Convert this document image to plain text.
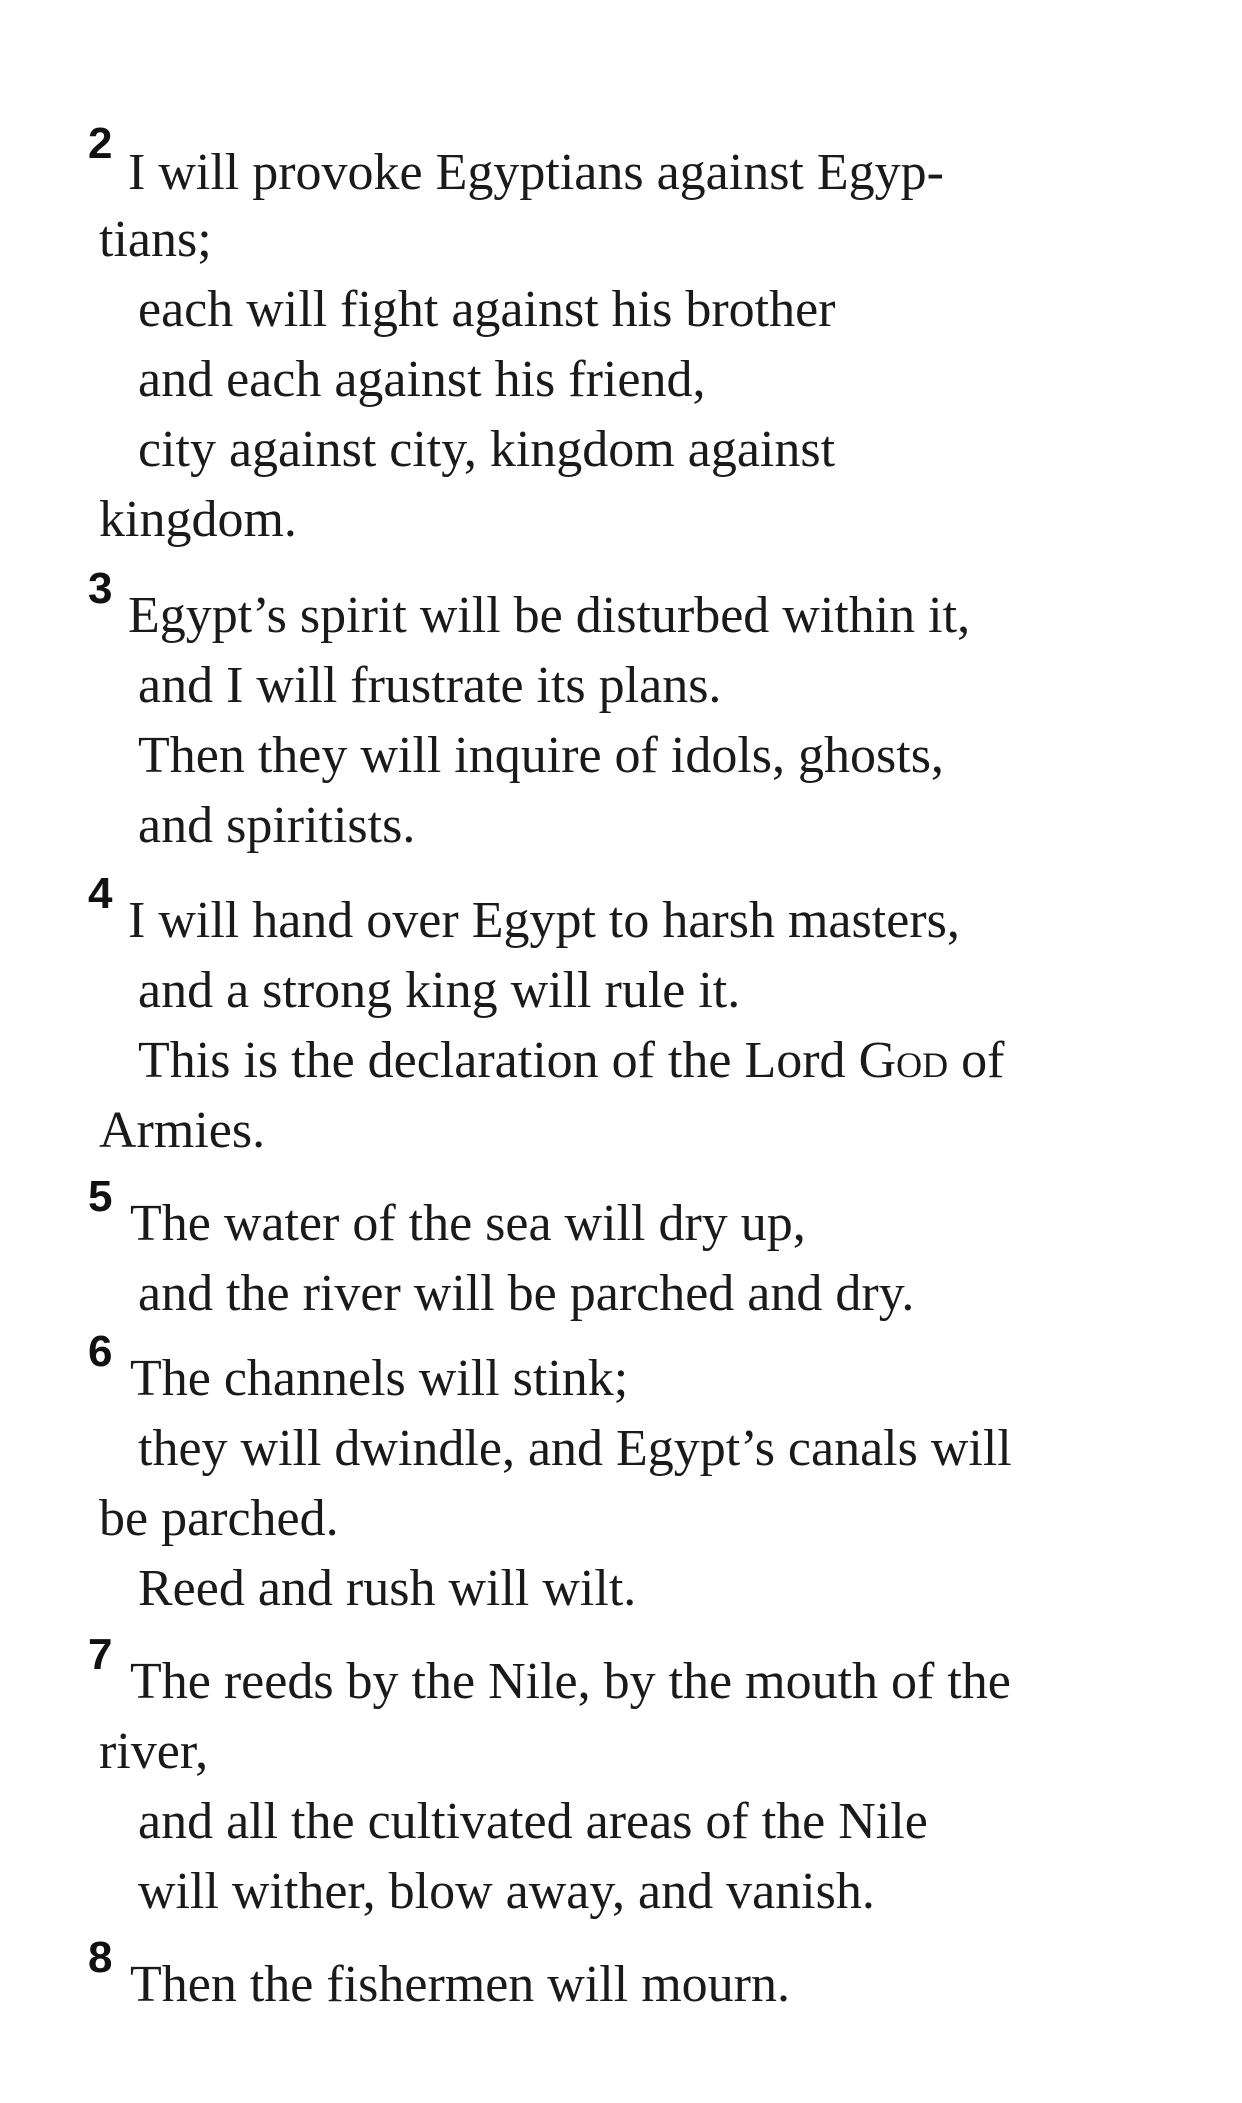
2
I will provoke Egyptians against Egyp-
tians;
each will fight against his brother
and each against his friend,
city against city, kingdom against
kingdom.
3 Egypt’s spirit will be disturbed within it,
and I will frustrate its plans.
Then they will inquire of idols, ghosts,
and spiritists.
4 I will hand over Egypt to harsh masters,
and a strong king will rule it.
This is the declaration of the Lord God of
Armies.
5 The water of the sea will dry up,
and the river will be parched and dry.
6 The channels will stink;
they will dwindle, and Egypt’s canals will
be parched.
Reed and rush will wilt.
7 The reeds by the Nile, by the mouth of the
river,
and all the cultivated areas of the Nile
will wither, blow away, and vanish.
8 Then the fishermen will mourn.
